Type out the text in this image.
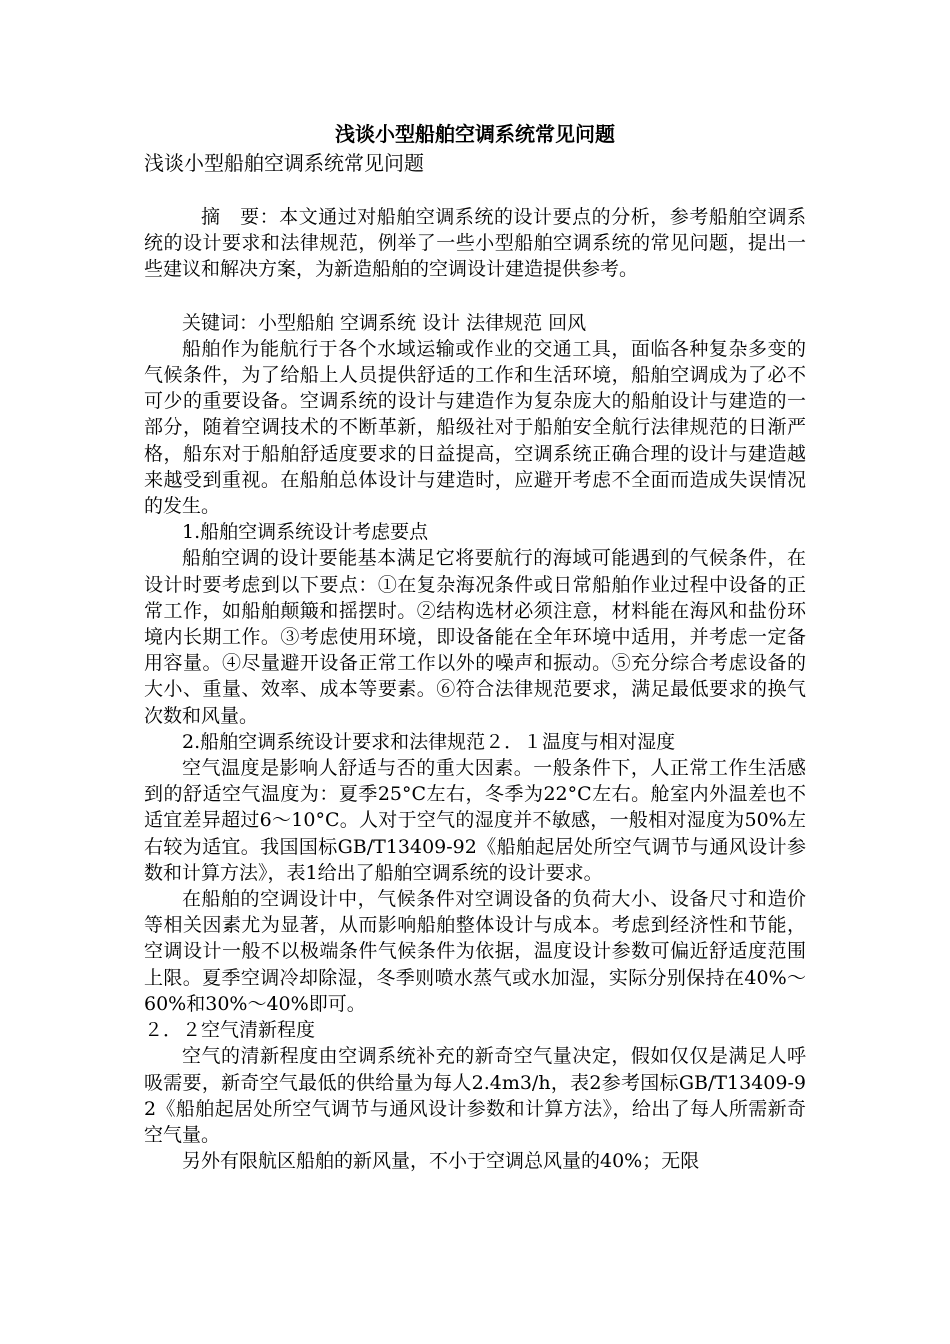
浅谈小型船舶空调系统常见问题

浅谈小型船舶空调系统常见问题

摘　要：本文通过对船舶空调系统的设计要点的分析，参考船舶空调系统的设计要求和法律规范，例举了一些小型船舶空调系统的常见问题，提出一些建议和解决方案，为新造船舶的空调设计建造提供参考。

关键词：小型船舶 空调系统 设计 法律规范 回风

船舶作为能航行于各个水域运输或作业的交通工具，面临各种复杂多变的气候条件，为了给船上人员提供舒适的工作和生活环境，船舶空调成为了必不可少的重要设备。空调系统的设计与建造作为复杂庞大的船舶设计与建造的一部分，随着空调技术的不断革新，船级社对于船舶安全航行法律规范的日渐严格，船东对于船舶舒适度要求的日益提高，空调系统正确合理的设计与建造越来越受到重视。在船舶总体设计与建造时，应避开考虑不全面而造成失误情况的发生。

1.船舶空调系统设计考虑要点

船舶空调的设计要能基本满足它将要航行的海域可能遇到的气候条件，在设计时要考虑到以下要点：①在复杂海况条件或日常船舶作业过程中设备的正常工作，如船舶颠簸和摇摆时。②结构选材必须注意，材料能在海风和盐份环境内长期工作。③考虑使用环境，即设备能在全年环境中适用，并考虑一定备用容量。④尽量避开设备正常工作以外的噪声和振动。⑤充分综合考虑设备的大小、重量、效率、成本等要素。⑥符合法律规范要求，满足最低要求的换气次数和风量。

2.船舶空调系统设计要求和法律规范２．１温度与相对湿度

空气温度是影响人舒适与否的重大因素。一般条件下，人正常工作生活感到的舒适空气温度为：夏季25°C左右，冬季为22°C左右。舱室内外温差也不适宜差异超过6～10°C。人对于空气的湿度并不敏感，一般相对湿度为50%左右较为适宜。我国国标GB/T13409-92《船舶起居处所空气调节与通风设计参数和计算方法》，表1给出了船舶空调系统的设计要求。

在船舶的空调设计中，气候条件对空调设备的负荷大小、设备尺寸和造价等相关因素尤为显著，从而影响船舶整体设计与成本。考虑到经济性和节能，空调设计一般不以极端条件气候条件为依据，温度设计参数可偏近舒适度范围上限。夏季空调冷却除湿，冬季则喷水蒸气或水加湿，实际分别保持在40%～60%和30%～40%即可。

２．２空气清新程度

空气的清新程度由空调系统补充的新奇空气量决定，假如仅仅是满足人呼吸需要，新奇空气最低的供给量为每人2.4m3/h，表2参考国标GB/T13409-92《船舶起居处所空气调节与通风设计参数和计算方法》，给出了每人所需新奇空气量。

另外有限航区船舶的新风量，不小于空调总风量的40%；无限
